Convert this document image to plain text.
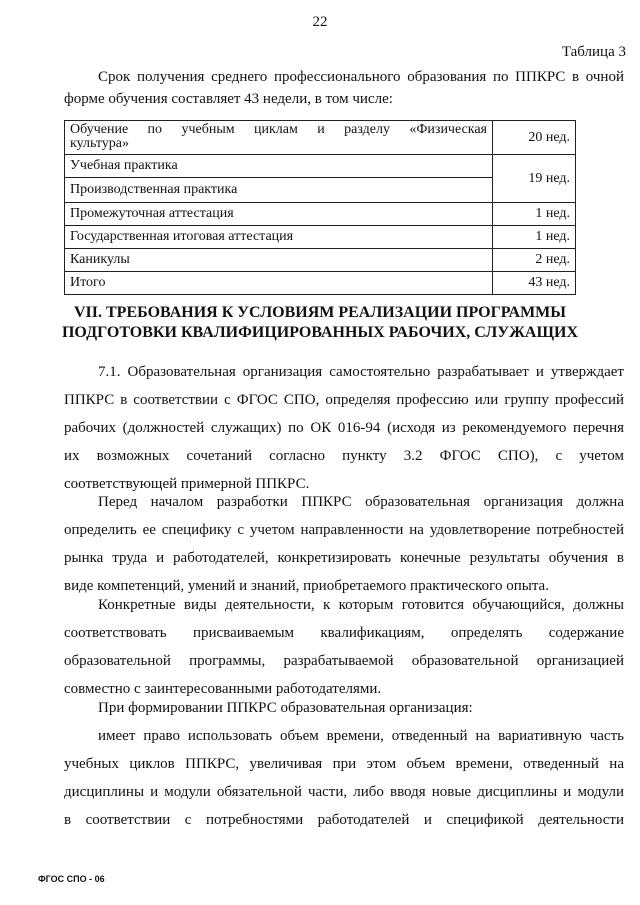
22
Таблица 3
Срок получения среднего профессионального образования по ППКРС в очной
форме обучения составляет 43 недели, в том числе:
Обучение по учебным циклам и разделу «Физическая
культура»	20 нед.
Учебная практика	19 нед.
Производственная практика	
Промежуточная аттестация	1 нед.
Государственная итоговая аттестация	1 нед.
Каникулы	2 нед.
Итого	43 нед.
VII. ТРЕБОВАНИЯ К УСЛОВИЯМ РЕАЛИЗАЦИИ ПРОГРАММЫ
ПОДГОТОВКИ КВАЛИФИЦИРОВАННЫХ РАБОЧИХ, СЛУЖАЩИХ
7.1. Образовательная организация самостоятельно разрабатывает и утверждает
ППКРС в соответствии с ФГОС СПО, определяя профессию или группу профессий
рабочих (должностей служащих) по ОК 016-94 (исходя из рекомендуемого перечня
их возможных сочетаний согласно пункту 3.2 ФГОС СПО), с учетом
соответствующей примерной ППКРС.
Перед началом разработки ППКРС образовательная организация должна
определить ее специфику с учетом направленности на удовлетворение потребностей
рынка труда и работодателей, конкретизировать конечные результаты обучения в
виде компетенций, умений и знаний, приобретаемого практического опыта.
Конкретные виды деятельности, к которым готовится обучающийся, должны
соответствовать присваиваемым квалификациям, определять содержание
образовательной программы, разрабатываемой образовательной организацией
совместно с заинтересованными работодателями.
При формировании ППКРС образовательная организация:
имеет право использовать объем времени, отведенный на вариативную часть
учебных циклов ППКРС, увеличивая при этом объем времени, отведенный на
дисциплины и модули обязательной части, либо вводя новые дисциплины и модули
в соответствии с потребностями работодателей и спецификой деятельности
ФГОС СПО - 06
